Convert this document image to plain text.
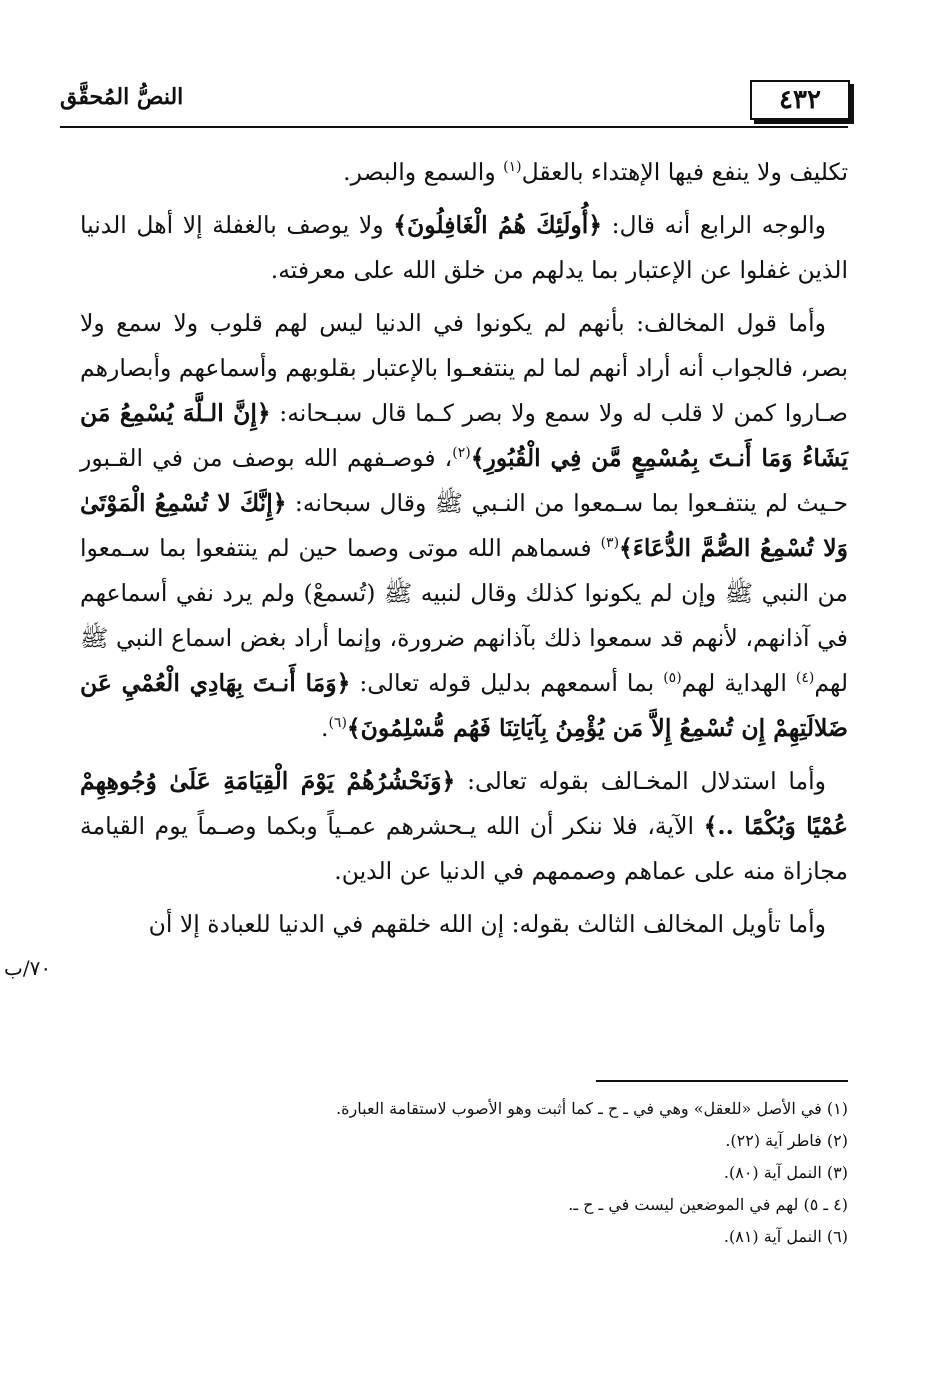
٤٣٢
النصُّ المُحقَّق

تكليف ولا ينفع فيها الإهتداء بالعقل$^{(١)}$ والسمع والبصر.

والوجه الرابع أنه قال: ﴿أُولَئِكَ هُمُ الْغَافِلُونَ﴾ ولا يوصف بالغفلة إلا أهل الدنيا الذين غفلوا عن الإعتبار بما يدلهم من خلق الله على معرفته.

وأما قول المخالف: بأنهم لم يكونوا في الدنيا ليس لهم قلوب ولا سمع ولا بصر، فالجواب أنه أراد أنهم لما لم ينتفعـوا بالإعتبار بقلوبهم وأسماعهم وأبصارهم صـاروا كمن لا قلب له ولا سمع ولا بصر كـما قال سبـحانه: ﴿إِنَّ الـلَّهَ يُسْمِعُ مَن يَشَاءُ وَمَا أَنـتَ بِمُسْمِعٍ مَّن فِي الْقُبُورِ﴾$^{(٢)}$، فوصـفهم الله بوصف من في القـبور حـيث لم ينتفـعوا بما سـمعوا من النـبي ﷺ وقال سبحانه: ﴿إِنَّكَ لا تُسْمِعُ الْمَوْتَىٰ وَلا تُسْمِعُ الصُّمَّ الدُّعَاءَ﴾$^{(٣)}$ فسماهم الله موتى وصما حين لم ينتفعوا بما سـمعوا من النبي ﷺ وإن لم يكونوا كذلك وقال لنبيه ﷺ (تُسمعْ) ولم يرد نفي أسماعهم في آذانهم، لأنهم قد سمعوا ذلك بآذانهم ضرورة، وإنما أراد بغض اسماع النبي ﷺ لهم$^{(٤)}$ الهداية لهم$^{(٥)}$ بما أسمعهم بدليل قوله تعالى: ﴿وَمَا أَنـتَ بِهَادِي الْعُمْيِ عَن ضَلالَتِهِمْ إِن تُسْمِعُ إِلاَّ مَن يُؤْمِنُ بِآيَاتِنَا فَهُم مُّسْلِمُونَ﴾$^{(٦)}$.

وأما استدلال المخـالف بقوله تعالى: ﴿وَنَحْشُرُهُمْ يَوْمَ الْقِيَامَةِ عَلَىٰ وُجُوهِهِمْ عُمْيًا وَبُكْمًا ..﴾ الآية، فلا ننكر أن الله يـحشرهم عمـياً وبكما وصـماً يوم القيامة مجازاة منه على عماهم وصممهم في الدنيا عن الدين.

وأما تأويل المخالف الثالث بقوله: إن الله خلقهم في الدنيا للعبادة إلا أن

٧٠/ب

(١) في الأصل «للعقل» وهي في ـ ح ـ كما أثبت وهو الأصوب لاستقامة العبارة.

(٢) فاطر آية (٢٢).

(٣) النمل آية (٨٠).

(٤ ـ ٥) لهم في الموضعين ليست في ـ ح ـ.

(٦) النمل آية (٨١).
